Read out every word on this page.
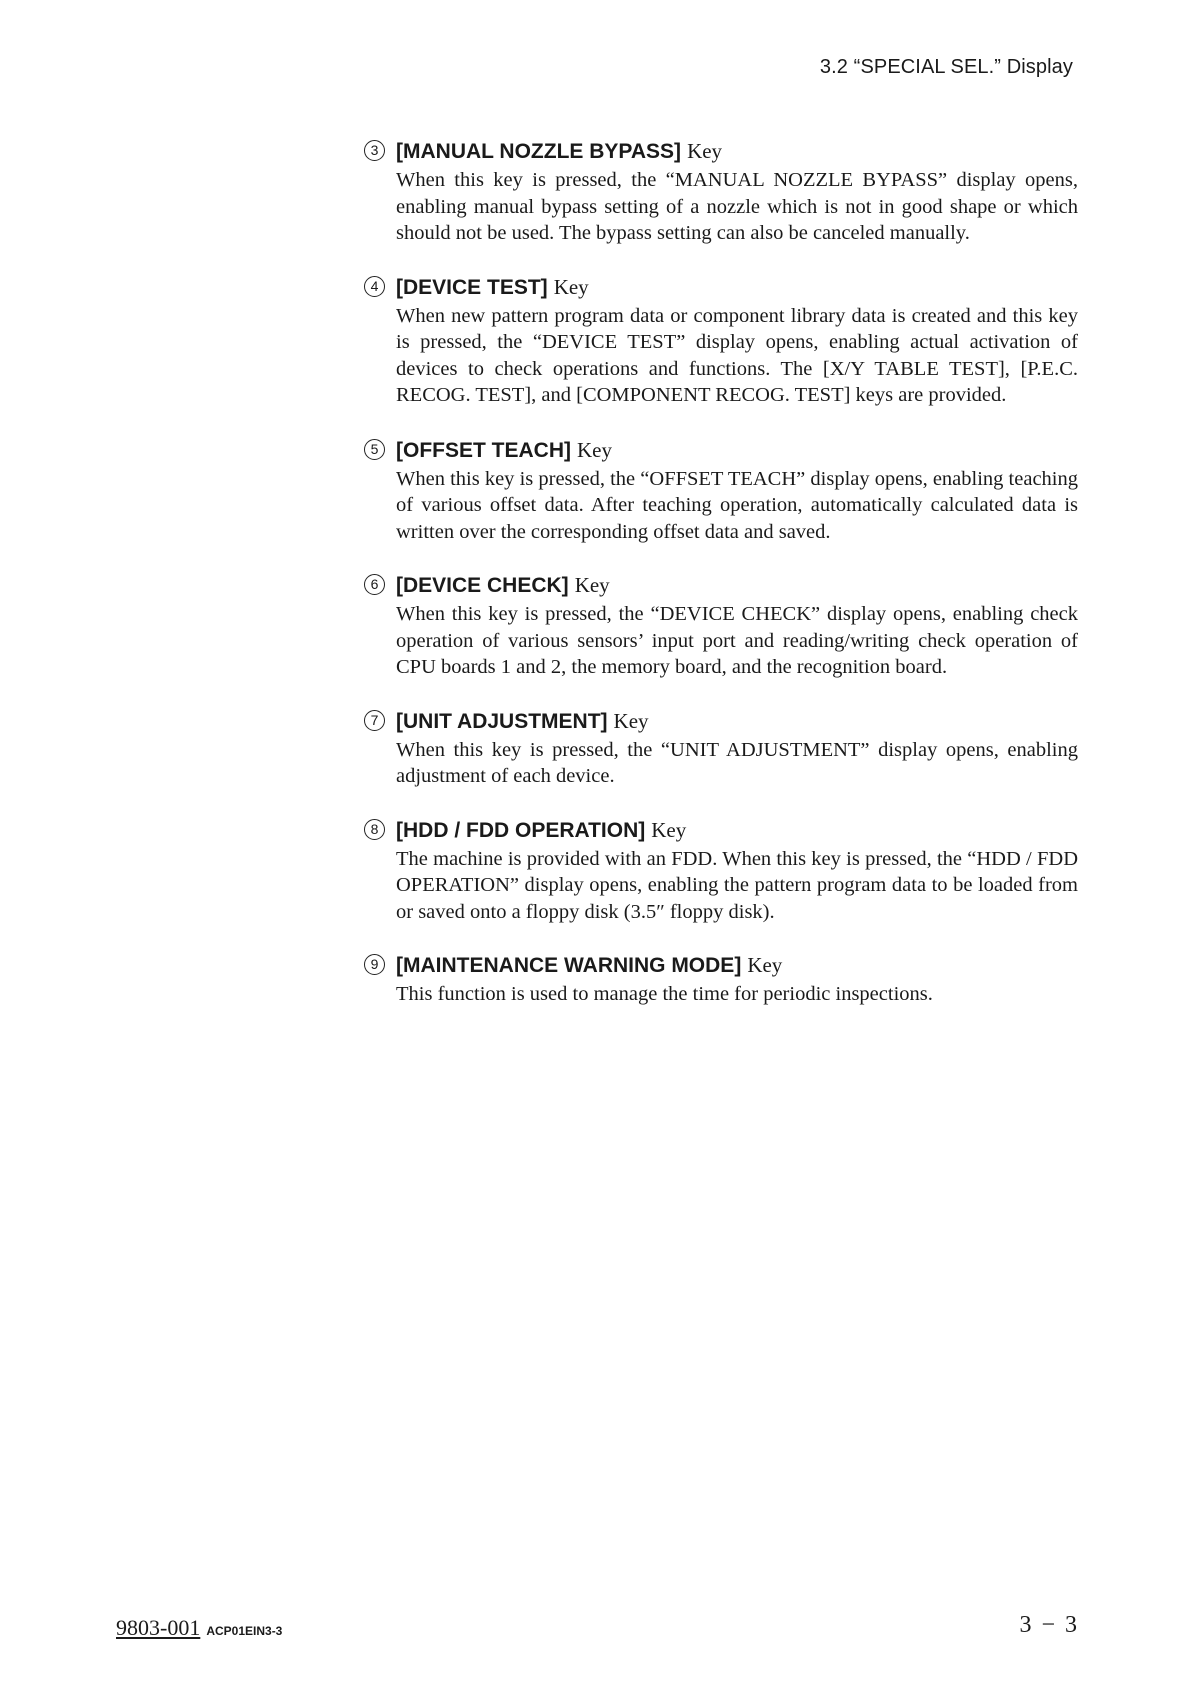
3.2 “SPECIAL SEL.” Display
3 [MANUAL NOZZLE BYPASS] Key
When this key is pressed, the “MANUAL NOZZLE BYPASS” display opens, enabling manual bypass setting of a nozzle which is not in good shape or which should not be used. The bypass setting can also be canceled manually.
4 [DEVICE TEST] Key
When new pattern program data or component library data is created and this key is pressed, the “DEVICE TEST” display opens, enabling actual activation of devices to check operations and functions. The [X/Y TABLE TEST], [P.E.C. RECOG. TEST], and [COMPONENT RECOG. TEST] keys are provided.
5 [OFFSET TEACH] Key
When this key is pressed, the “OFFSET TEACH” display opens, enabling teaching of various offset data. After teaching operation, automatically calculated data is written over the corresponding offset data and saved.
6 [DEVICE CHECK] Key
When this key is pressed, the “DEVICE CHECK” display opens, enabling check operation of various sensors’ input port and reading/writing check operation of CPU boards 1 and 2, the memory board, and the recognition board.
7 [UNIT ADJUSTMENT] Key
When this key is pressed, the “UNIT ADJUSTMENT” display opens, enabling adjustment of each device.
8 [HDD / FDD OPERATION] Key
The machine is provided with an FDD. When this key is pressed, the “HDD / FDD OPERATION” display opens, enabling the pattern program data to be loaded from or saved onto a floppy disk (3.5″ floppy disk).
9 [MAINTENANCE WARNING MODE] Key
This function is used to manage the time for periodic inspections.
9803-001 ACP01EIN3-3	3 − 3
